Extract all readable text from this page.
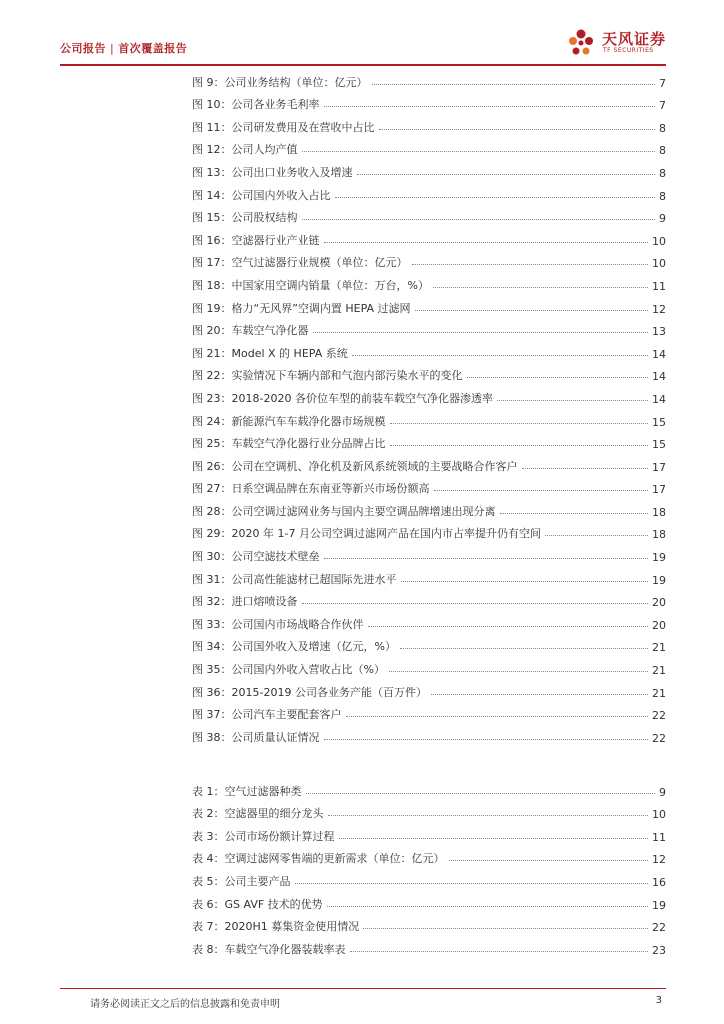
公司报告 | 首次覆盖报告
天风证券
TF SECURITIES
图 9：公司业务结构（单位：亿元）	7
图 10：公司各业务毛利率	7
图 11：公司研发费用及在营收中占比	8
图 12：公司人均产值	8
图 13：公司出口业务收入及增速	8
图 14：公司国内外收入占比	8
图 15：公司股权结构	9
图 16：空滤器行业产业链	10
图 17：空气过滤器行业规模（单位：亿元）	10
图 18：中国家用空调内销量（单位：万台，%）	11
图 19：格力“无风界”空调内置 HEPA 过滤网	12
图 20：车载空气净化器	13
图 21：Model X 的 HEPA 系统	14
图 22：实验情况下车辆内部和气泡内部污染水平的变化	14
图 23：2018-2020 各价位车型的前装车载空气净化器渗透率	14
图 24：新能源汽车车载净化器市场规模	15
图 25：车载空气净化器行业分品牌占比	15
图 26：公司在空调机、净化机及新风系统领域的主要战略合作客户	17
图 27：日系空调品牌在东南亚等新兴市场份额高	17
图 28：公司空调过滤网业务与国内主要空调品牌增速出现分离	18
图 29：2020 年 1-7 月公司空调过滤网产品在国内市占率提升仍有空间	18
图 30：公司空滤技术壁垒	19
图 31：公司高性能滤材已超国际先进水平	19
图 32：进口熔喷设备	20
图 33：公司国内市场战略合作伙伴	20
图 34：公司国外收入及增速（亿元，%）	21
图 35：公司国内外收入营收占比（%）	21
图 36：2015-2019 公司各业务产能（百万件）	21
图 37：公司汽车主要配套客户	22
图 38：公司质量认证情况	22
表 1：空气过滤器种类	9
表 2：空滤器里的细分龙头	10
表 3：公司市场份额计算过程	11
表 4：空调过滤网零售端的更新需求（单位：亿元）	12
表 5：公司主要产品	16
表 6：GS AVF 技术的优势	19
表 7：2020H1 募集资金使用情况	22
表 8：车载空气净化器装载率表	23
请务必阅读正文之后的信息披露和免责申明	3
